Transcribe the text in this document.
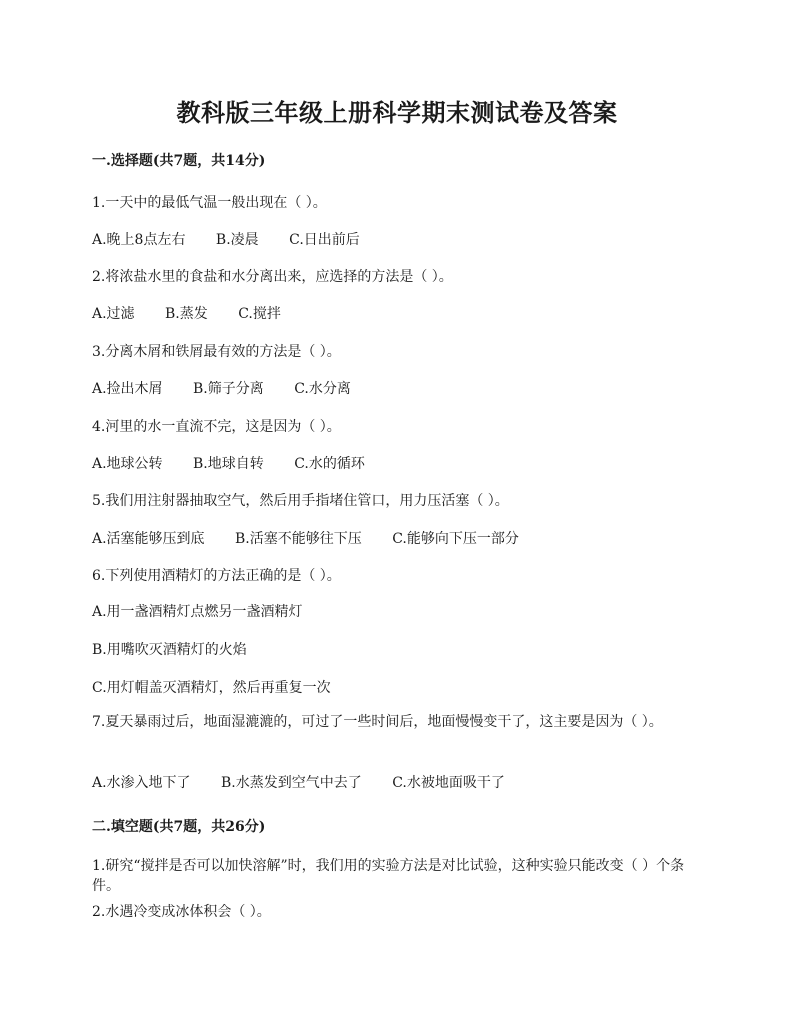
教科版三年级上册科学期末测试卷及答案

一.选择题(共7题，共14分)

1.一天中的最低气温一般出现在（ ）。

A.晚上8点左右 B.凌晨 C.日出前后

2.将浓盐水里的食盐和水分离出来，应选择的方法是（ ）。

A.过滤 B.蒸发 C.搅拌

3.分离木屑和铁屑最有效的方法是（ ）。

A.捡出木屑 B.筛子分离 C.水分离

4.河里的水一直流不完，这是因为（ ）。

A.地球公转 B.地球自转 C.水的循环

5.我们用注射器抽取空气，然后用手指堵住管口，用力压活塞（ ）。

A.活塞能够压到底 B.活塞不能够往下压 C.能够向下压一部分

6.下列使用酒精灯的方法正确的是（ ）。

A.用一盏酒精灯点燃另一盏酒精灯

B.用嘴吹灭酒精灯的火焰

C.用灯帽盖灭酒精灯，然后再重复一次

7.夏天暴雨过后，地面湿漉漉的，可过了一些时间后，地面慢慢变干了，这主要是因为（ ）。

A.水渗入地下了 B.水蒸发到空气中去了 C.水被地面吸干了

二.填空题(共7题，共26分)

1.研究“搅拌是否可以加快溶解”时，我们用的实验方法是对比试验，这种实验只能改变（ ）个条件。

2.水遇冷变成冰体积会（ ）。
